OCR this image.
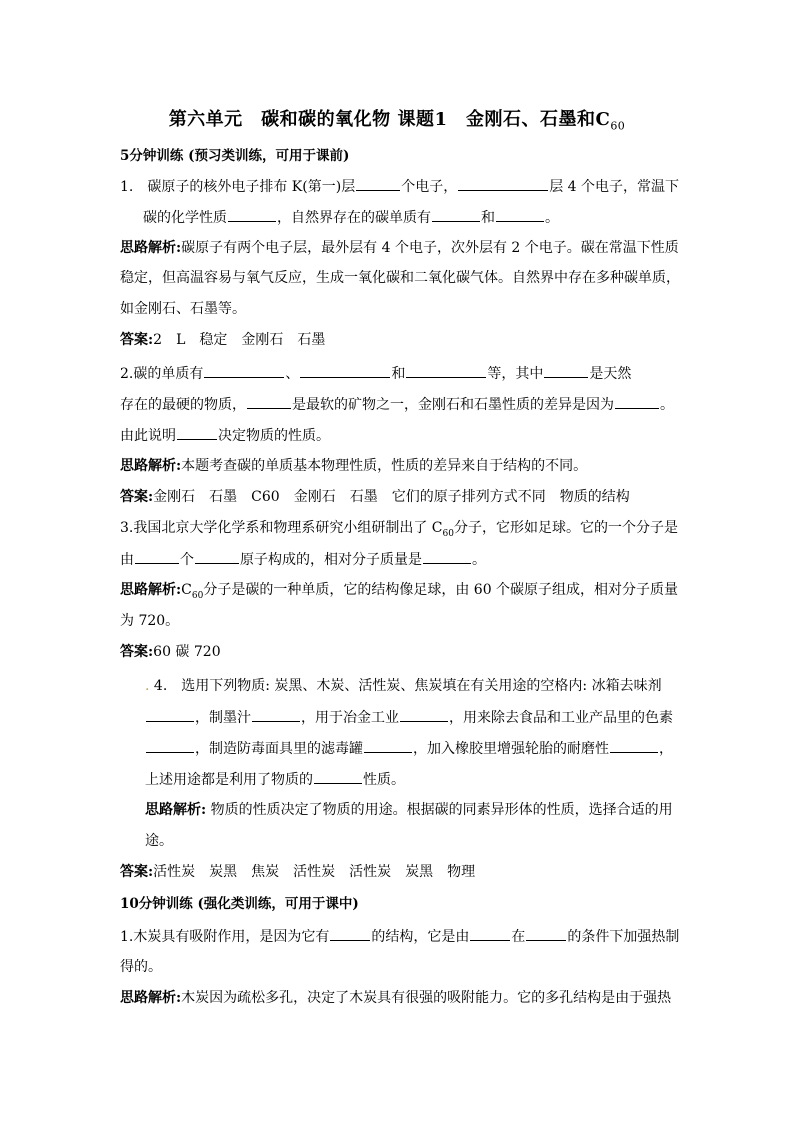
第六单元　碳和碳的氧化物 课题1　金刚石、石墨和$C_{60}$
5分钟训练 (预习类训练，可用于课前)
1.　碳原子的核外电子排布 K(第一)层	个电子，	层 4 个电子，常温下
碳的化学性质	，自然界存在的碳单质有	和	。
思路解析:碳原子有两个电子层，最外层有 4 个电子，次外层有 2 个电子。碳在常温下性质
稳定，但高温容易与氧气反应，生成一氧化碳和二氧化碳气体。自然界中存在多种碳单质，
如金刚石、石墨等。
答案:2　L　稳定　金刚石　石墨
2.碳的单质有	、	和	等，其中	是天然
存在的最硬的物质，	是最软的矿物之一，金刚石和石墨性质的差异是因为	。
由此说明	决定物质的性质。
思路解析:本题考查碳的单质基本物理性质，性质的差异来自于结构的不同。
答案:金刚石　石墨　C60　金刚石　石墨　它们的原子排列方式不同　物质的结构
3.我国北京大学化学系和物理系研究小组研制出了 $C_{60}$分子，它形如足球。它的一个分子是
由	个	原子构成的，相对分子质量是	。
思路解析$:C_{60}$分子是碳的一种单质，它的结构像足球，由 60 个碳原子组成，相对分子质量
为 720。
答案:60 碳 720
. 4.　选用下列物质: 炭黑、木炭、活性炭、焦炭填在有关用途的空格内: 冰箱去味剂
，制墨汁	，用于冶金工业	，用来除去食品和工业产品里的色素
，制造防毒面具里的滤毒罐	，加入橡胶里增强轮胎的耐磨性	，
上述用途都是利用了物质的	性质。
思路解析: 物质的性质决定了物质的用途。根据碳的同素异形体的性质，选择合适的用
途。
答案:活性炭　炭黑　焦炭　活性炭　活性炭　炭黑　物理
10分钟训练 (强化类训练，可用于课中)
1.木炭具有吸附作用，是因为它有	的结构，它是由	在	的条件下加强热制
得的。
思路解析:木炭因为疏松多孔，决定了木炭具有很强的吸附能力。它的多孔结构是由于强热
